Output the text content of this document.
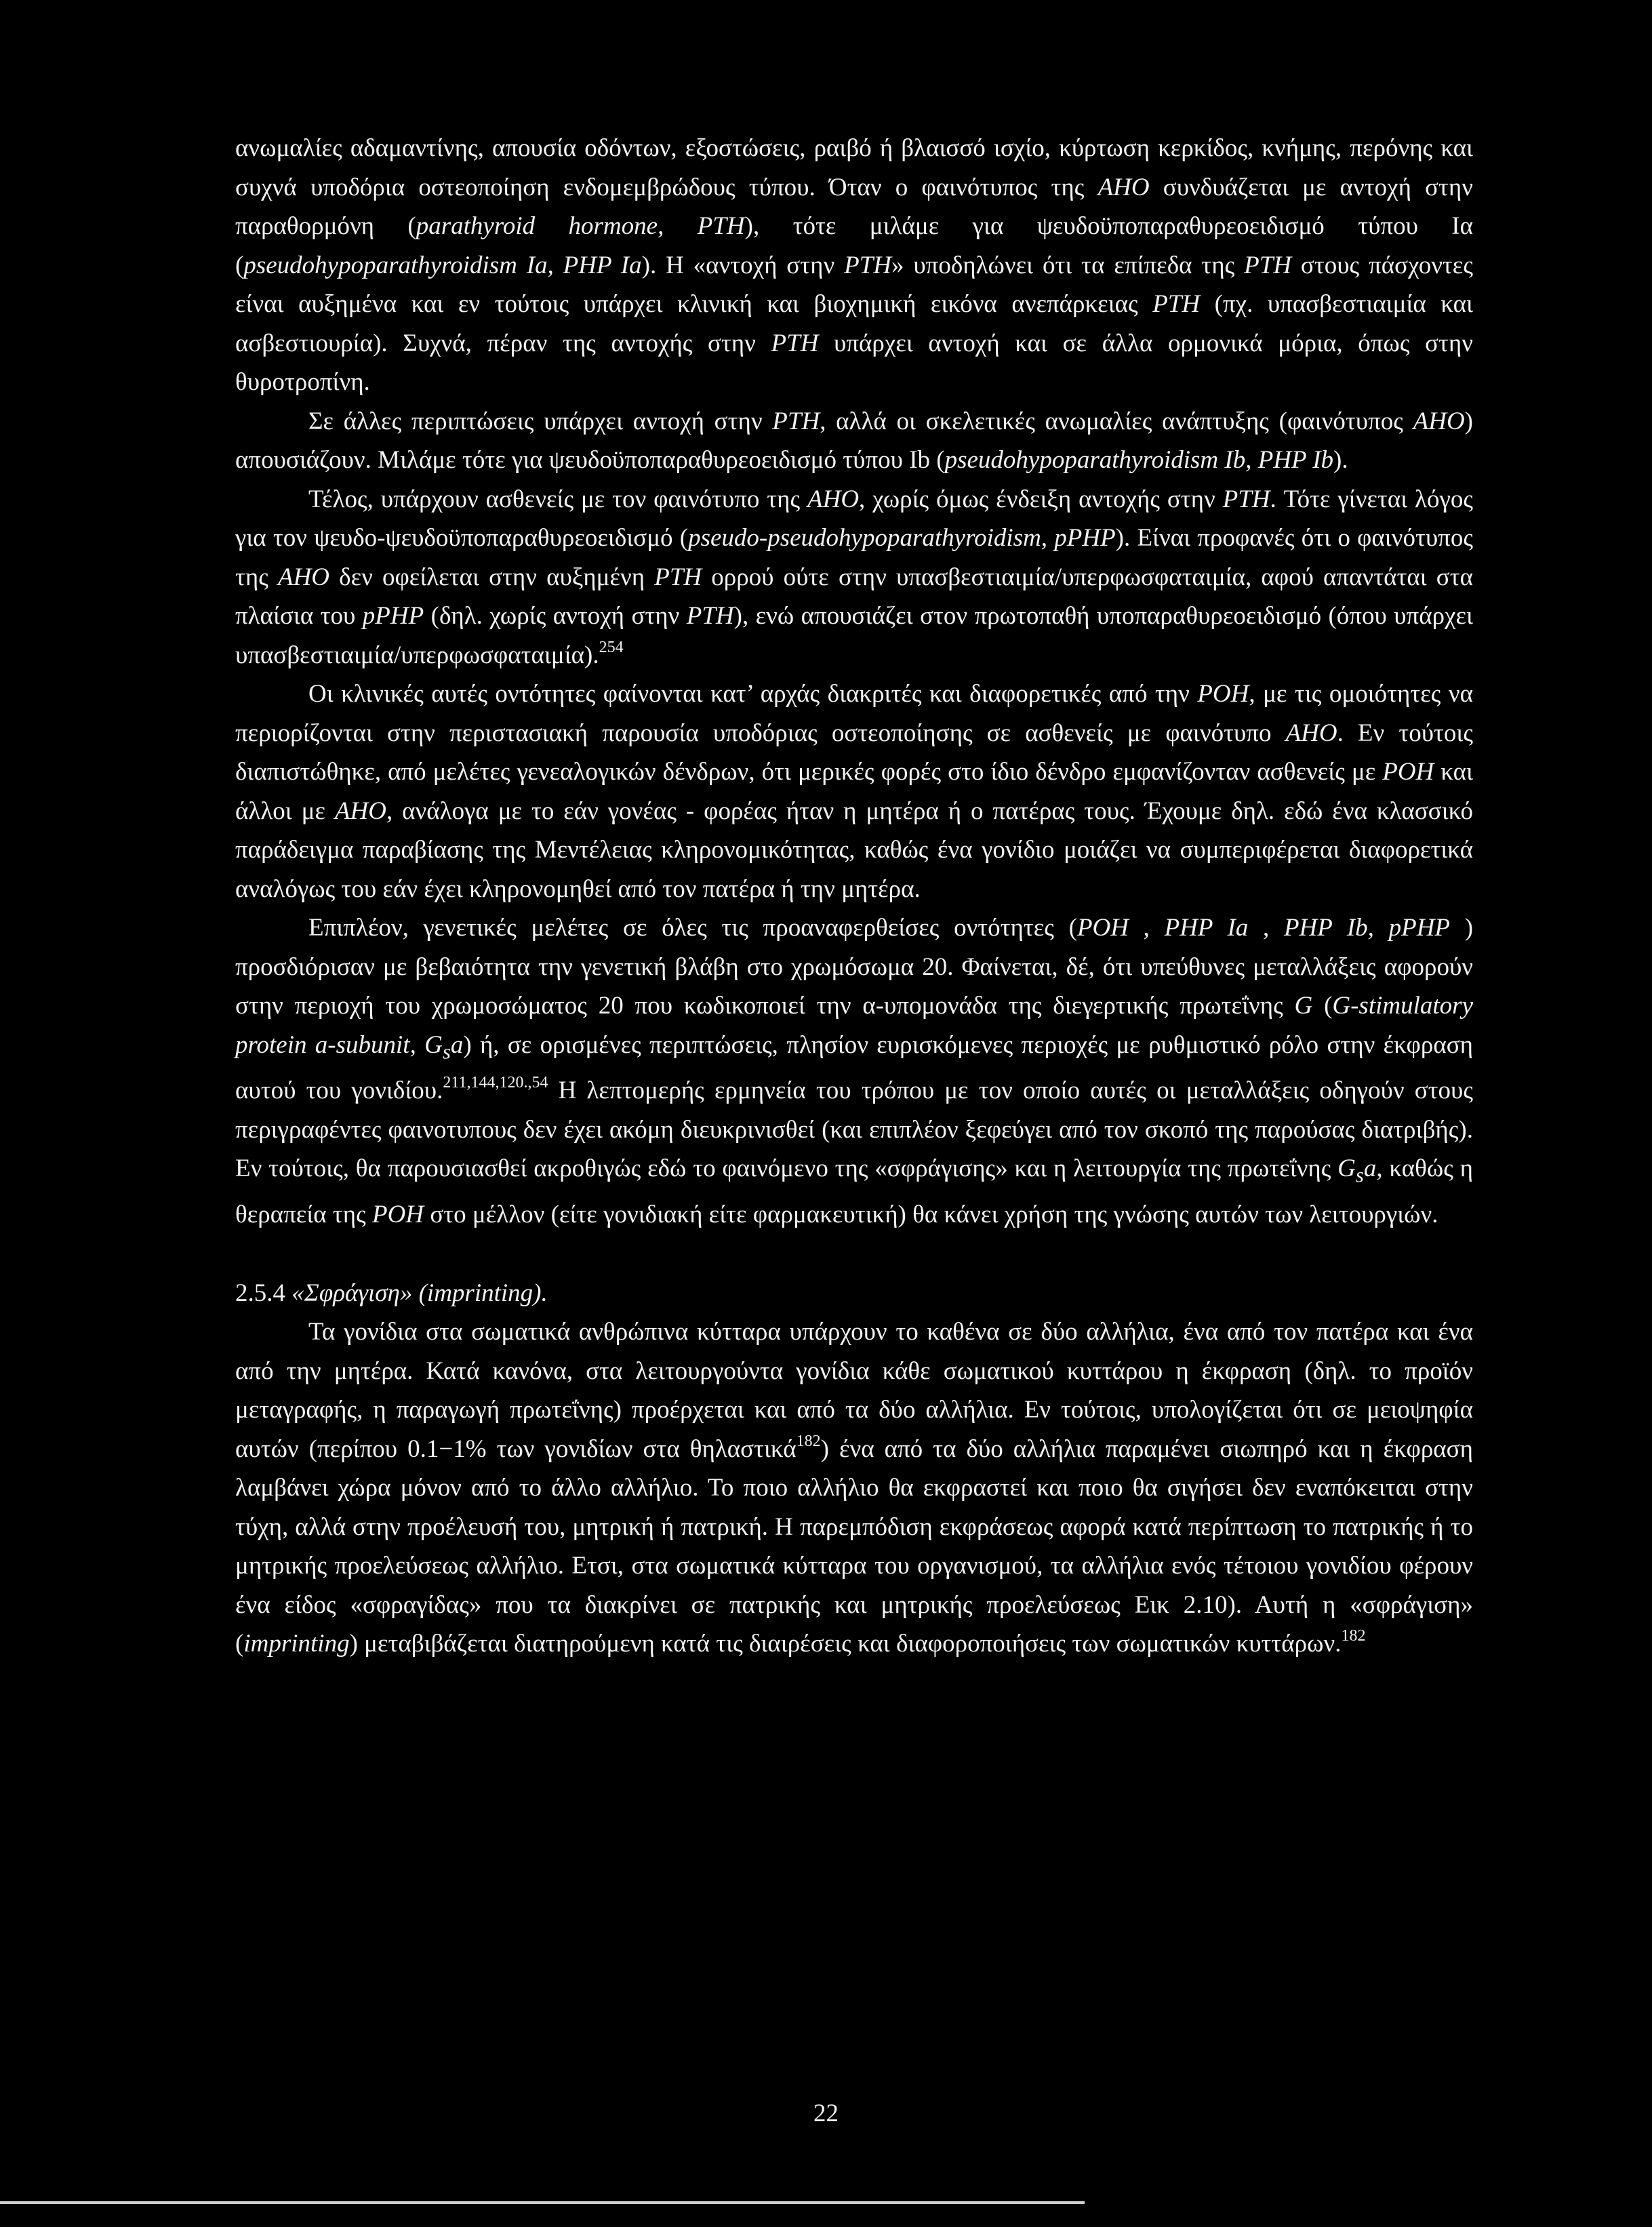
ανωμαλίες αδαμαντίνης, απουσία οδόντων, εξοστώσεις, ραιβό ή βλαισσό ισχίο, κύρτωση κερκίδος, κνήμης, περόνης και συχνά υποδόρια οστεοποίηση ενδομεμβρώδους τύπου. Όταν ο φαινότυπος της AHO συνδυάζεται με αντοχή στην παραθορμόνη (parathyroid hormone, PTH), τότε μιλάμε για ψευδοϋποπαραθυρεοειδισμό τύπου Ια (pseudohypoparathyroidism Ia, PHP Ia). Η «αντοχή στην PTH» υποδηλώνει ότι τα επίπεδα της PTH στους πάσχοντες είναι αυξημένα και εν τούτοις υπάρχει κλινική και βιοχημική εικόνα ανεπάρκειας PTH (πχ. υπασβεστιαιμία και ασβεστιουρία). Συχνά, πέραν της αντοχής στην PTH υπάρχει αντοχή και σε άλλα ορμονικά μόρια, όπως στην θυροτροπίνη.

Σε άλλες περιπτώσεις υπάρχει αντοχή στην PTH, αλλά οι σκελετικές ανωμαλίες ανάπτυξης (φαινότυπος AHO) απουσιάζουν. Μιλάμε τότε για ψευδοϋποπαραθυρεοειδισμό τύπου Ib (pseudohypoparathyroidism Ib, PHP Ib).

Τέλος, υπάρχουν ασθενείς με τον φαινότυπο της AHO, χωρίς όμως ένδειξη αντοχής στην PTH. Τότε γίνεται λόγος για τον ψευδο-ψευδοϋποπαραθυρεοειδισμό (pseudo-pseudohypoparathyroidism, pPHP). Είναι προφανές ότι ο φαινότυπος της AHO δεν οφείλεται στην αυξημένη PTH ορρού ούτε στην υπασβεστιαιμία/υπερφωσφαταιμία, αφού απαντάται στα πλαίσια του pPHP (δηλ. χωρίς αντοχή στην PTH), ενώ απουσιάζει στον πρωτοπαθή υποπαραθυρεοειδισμό (όπου υπάρχει υπασβεστιαιμία/υπερφωσφαταιμία).$^{254}$

Οι κλινικές αυτές οντότητες φαίνονται κατ’ αρχάς διακριτές και διαφορετικές από την POH, με τις ομοιότητες να περιορίζονται στην περιστασιακή παρουσία υποδόριας οστεοποίησης σε ασθενείς με φαινότυπο AHO. Εν τούτοις διαπιστώθηκε, από μελέτες γενεαλογικών δένδρων, ότι μερικές φορές στο ίδιο δένδρο εμφανίζονταν ασθενείς με POH και άλλοι με AHO, ανάλογα με το εάν γονέας - φορέας ήταν η μητέρα ή ο πατέρας τους. Έχουμε δηλ. εδώ ένα κλασσικό παράδειγμα παραβίασης της Μεντέλειας κληρονομικότητας, καθώς ένα γονίδιο μοιάζει να συμπεριφέρεται διαφορετικά αναλόγως του εάν έχει κληρονομηθεί από τον πατέρα ή την μητέρα.

Επιπλέον, γενετικές μελέτες σε όλες τις προαναφερθείσες οντότητες (POH , PHP Ia , PHP Ib, pPHP ) προσδιόρισαν με βεβαιότητα την γενετική βλάβη στο χρωμόσωμα 20. Φαίνεται, δέ, ότι υπεύθυνες μεταλλάξεις αφορούν στην περιοχή του χρωμοσώματος 20 που κωδικοποιεί την α-υπομονάδα της διεγερτικής πρωτεΐνης G (G-stimulatory protein a-subunit, $G_sa$) ή, σε ορισμένες περιπτώσεις, πλησίον ευρισκόμενες περιοχές με ρυθμιστικό ρόλο στην έκφραση αυτού του γονιδίου.$^{211,144,120.,54}$ Η λεπτομερής ερμηνεία του τρόπου με τον οποίο αυτές οι μεταλλάξεις οδηγούν στους περιγραφέντες φαινοτυπους δεν έχει ακόμη διευκρινισθεί (και επιπλέον ξεφεύγει από τον σκοπό της παρούσας διατριβής). Εν τούτοις, θα παρουσιασθεί ακροθιγώς εδώ το φαινόμενο της «σφράγισης» και η λειτουργία της πρωτεΐνης $G_sa$, καθώς η θεραπεία της POH στο μέλλον (είτε γονιδιακή είτε φαρμακευτική) θα κάνει χρήση της γνώσης αυτών των λειτουργιών.

2.5.4 «Σφράγιση» (imprinting).

Τα γονίδια στα σωματικά ανθρώπινα κύτταρα υπάρχουν το καθένα σε δύο αλλήλια, ένα από τον πατέρα και ένα από την μητέρα. Κατά κανόνα, στα λειτουργούντα γονίδια κάθε σωματικού κυττάρου η έκφραση (δηλ. το προϊόν μεταγραφής, η παραγωγή πρωτεΐνης) προέρχεται και από τα δύο αλλήλια. Εν τούτοις, υπολογίζεται ότι σε μειοψηφία αυτών (περίπου 0.1−1% των γονιδίων στα θηλαστικά$^{182}$) ένα από τα δύο αλλήλια παραμένει σιωπηρό και η έκφραση λαμβάνει χώρα μόνον από το άλλο αλλήλιο. Το ποιο αλλήλιο θα εκφραστεί και ποιο θα σιγήσει δεν εναπόκειται στην τύχη, αλλά στην προέλευσή του, μητρική ή πατρική. Η παρεμπόδιση εκφράσεως αφορά κατά περίπτωση το πατρικής ή το μητρικής προελεύσεως αλλήλιο. Ετσι, στα σωματικά κύτταρα του οργανισμού, τα αλλήλια ενός τέτοιου γονιδίου φέρουν ένα είδος «σφραγίδας» που τα διακρίνει σε πατρικής και μητρικής προελεύσεως Εικ 2.10). Αυτή η «σφράγιση» (imprinting) μεταβιβάζεται διατηρούμενη κατά τις διαιρέσεις και διαφοροποιήσεις των σωματικών κυττάρων.$^{182}$

22
